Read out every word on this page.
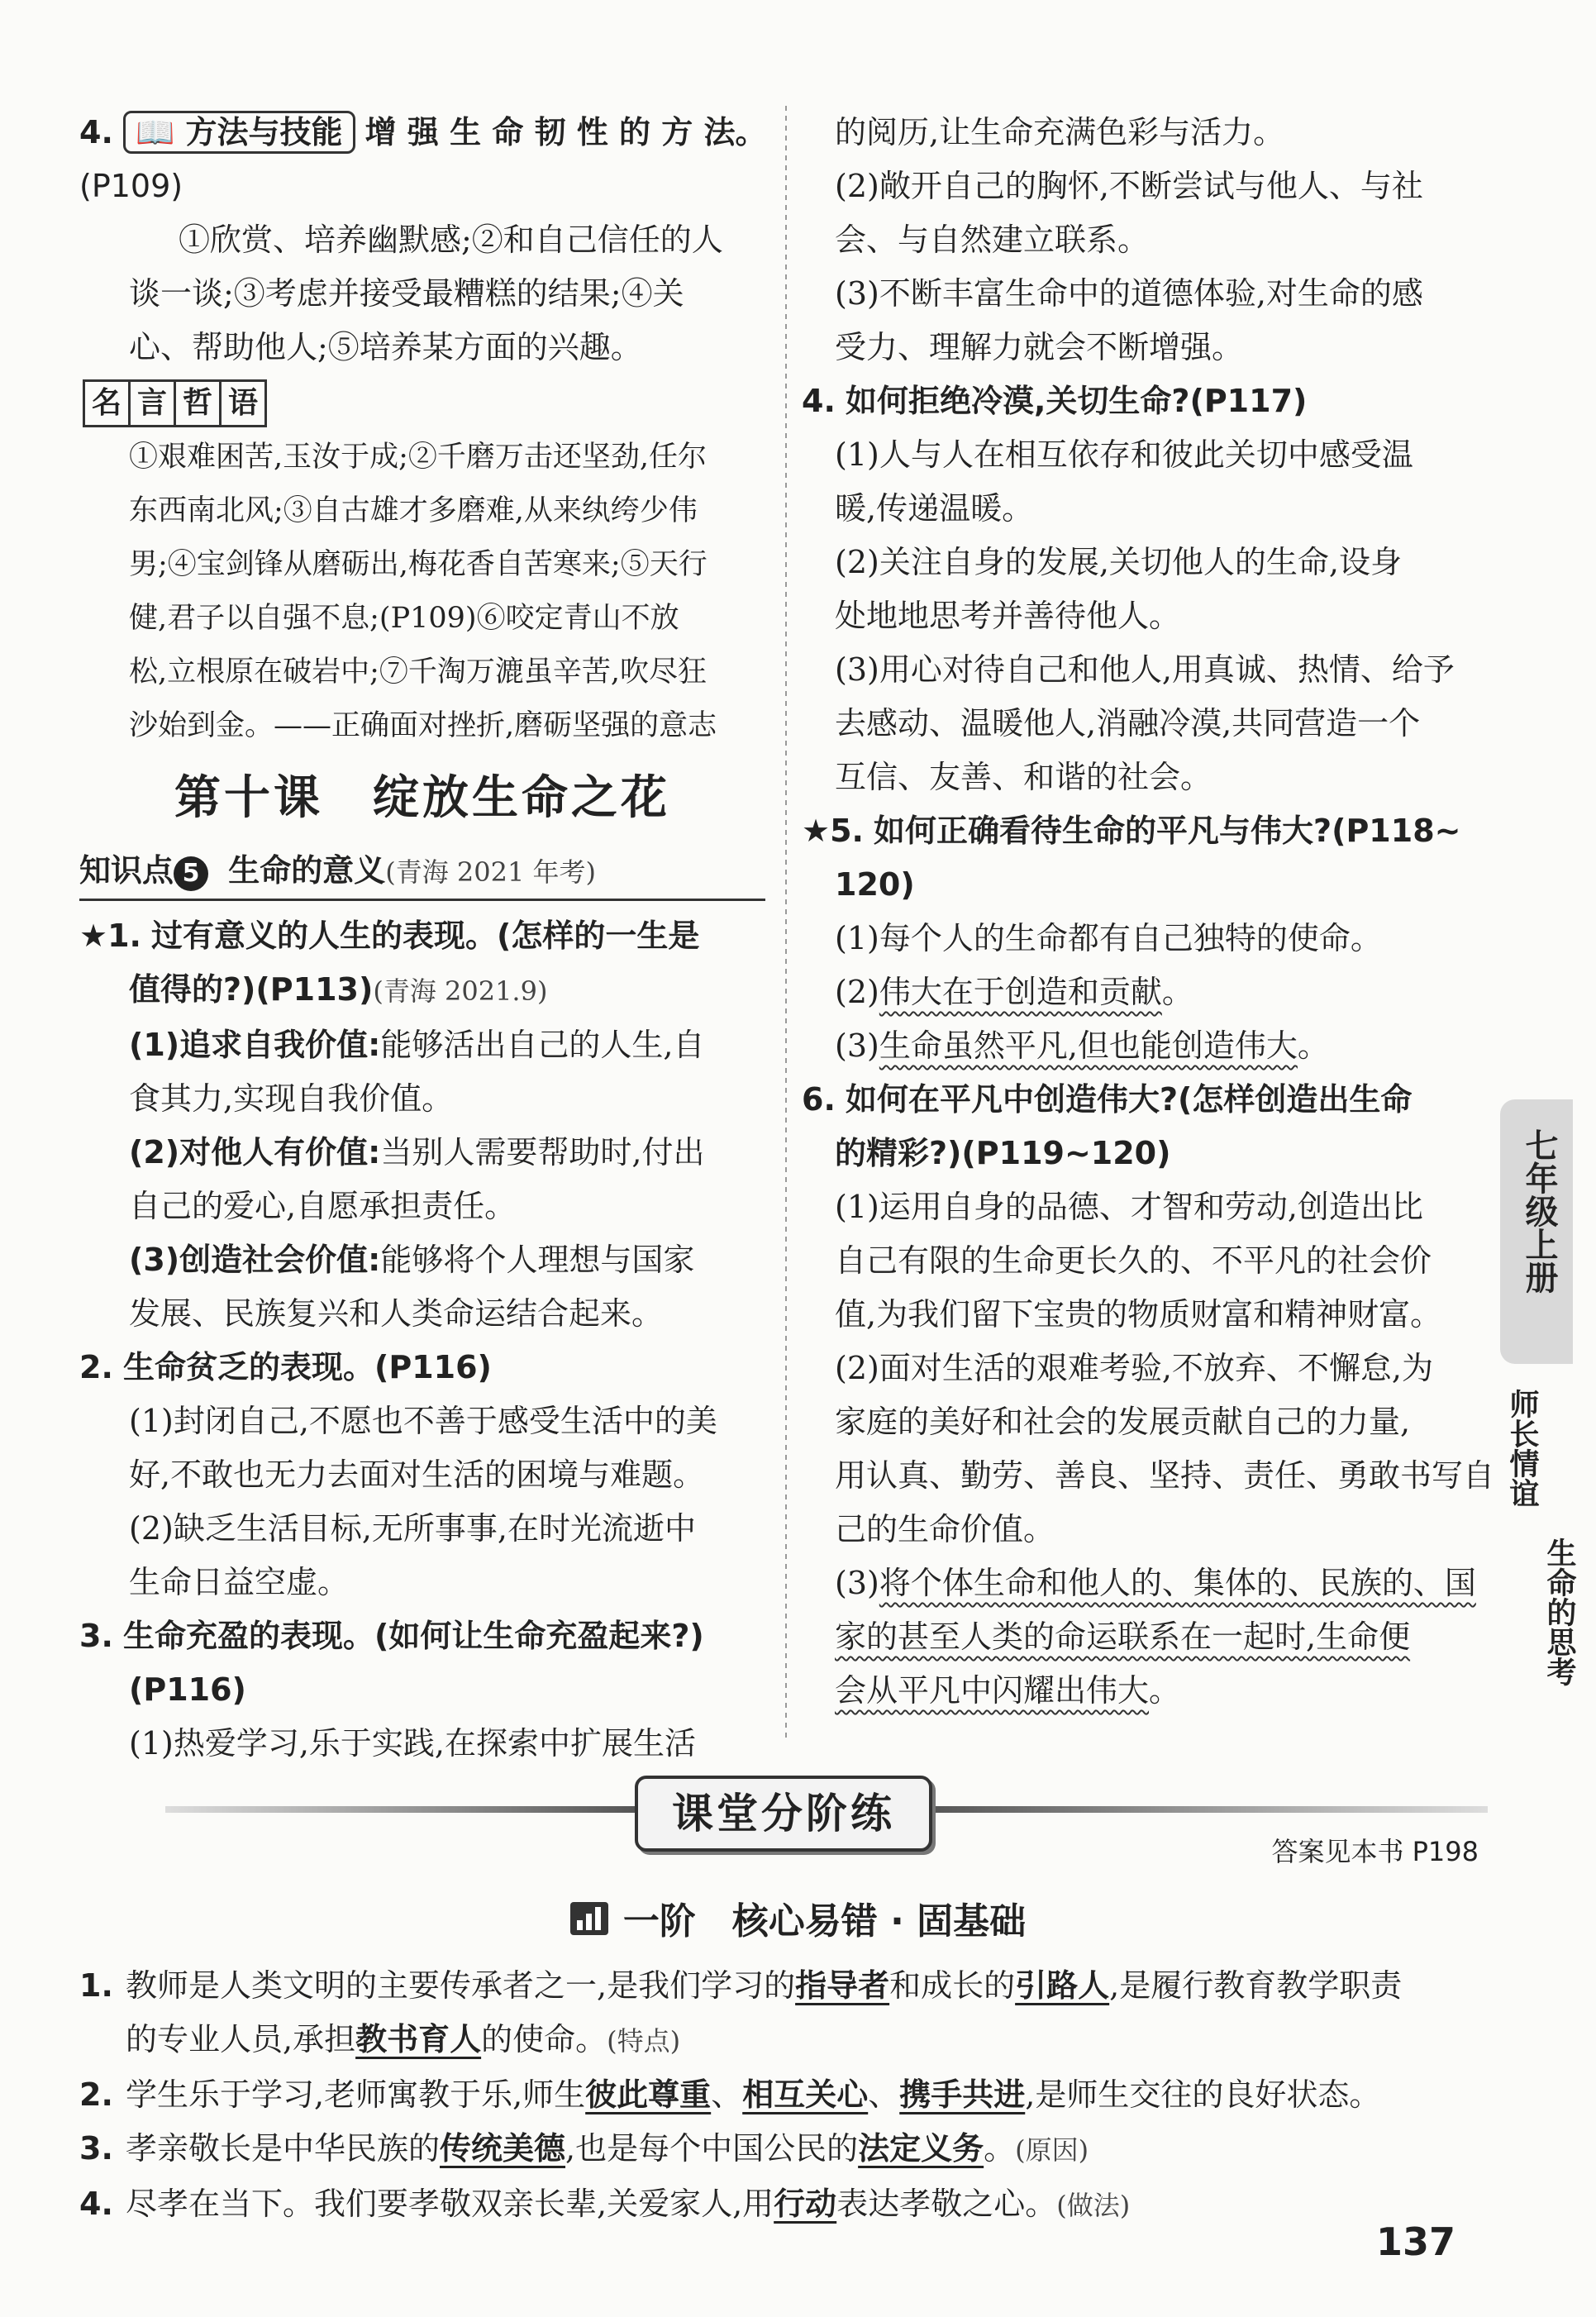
4. 📖 方法与技能 增 强 生 命 韧 性 的 方 法。

(P109)

①欣赏、培养幽默感;②和自己信任的人

谈一谈;③考虑并接受最糟糕的结果;④关

心、帮助他人;⑤培养某方面的兴趣。

名 言 哲 语

①艰难困苦,玉汝于成;②千磨万击还坚劲,任尔

东西南北风;③自古雄才多磨难,从来纨绔少伟

男;④宝剑锋从磨砺出,梅花香自苦寒来;⑤天行

健,君子以自强不息;(P109)⑥咬定青山不放

松,立根原在破岩中;⑦千淘万漉虽辛苦,吹尽狂

沙始到金。——正确面对挫折,磨砺坚强的意志

第十课　绽放生命之花
知识点 5 生命的意义(青海 2021 年考)

★1. 过有意义的人生的表现。(怎样的一生是

值得的?)(P113)(青海 2021.9)

(1)追求自我价值:能够活出自己的人生,自

食其力,实现自我价值。

(2)对他人有价值:当别人需要帮助时,付出

自己的爱心,自愿承担责任。

(3)创造社会价值:能够将个人理想与国家

发展、民族复兴和人类命运结合起来。

2. 生命贫乏的表现。(P116)

(1)封闭自己,不愿也不善于感受生活中的美

好,不敢也无力去面对生活的困境与难题。

(2)缺乏生活目标,无所事事,在时光流逝中

生命日益空虚。

3. 生命充盈的表现。(如何让生命充盈起来?)

(P116)

(1)热爱学习,乐于实践,在探索中扩展生活

的阅历,让生命充满色彩与活力。

(2)敞开自己的胸怀,不断尝试与他人、与社

会、与自然建立联系。

(3)不断丰富生命中的道德体验,对生命的感

受力、理解力就会不断增强。

4. 如何拒绝冷漠,关切生命?(P117)

(1)人与人在相互依存和彼此关切中感受温

暖,传递温暖。

(2)关注自身的发展,关切他人的生命,设身

处地地思考并善待他人。

(3)用心对待自己和他人,用真诚、热情、给予

去感动、温暖他人,消融冷漠,共同营造一个

互信、友善、和谐的社会。

★5. 如何正确看待生命的平凡与伟大?(P118~

120)

(1)每个人的生命都有自己独特的使命。

(2)伟大在于创造和贡献。

(3)生命虽然平凡,但也能创造伟大。

6. 如何在平凡中创造伟大?(怎样创造出生命

的精彩?)(P119~120)

(1)运用自身的品德、才智和劳动,创造出比

自己有限的生命更长久的、不平凡的社会价

值,为我们留下宝贵的物质财富和精神财富。

(2)面对生活的艰难考验,不放弃、不懈怠,为

家庭的美好和社会的发展贡献自己的力量,

用认真、勤劳、善良、坚持、责任、勇敢书写自

己的生命价值。

(3)将个体生命和他人的、集体的、民族的、国

家的甚至人类的命运联系在一起时,生命便

会从平凡中闪耀出伟大。

七年级上册
师长情谊
生命的思考
课堂分阶练
答案见本书 P198
一阶　核心易错 · 固基础

1. 教师是人类文明的主要传承者之一,是我们学习的指导者和成长的引路人,是履行教育教学职责

的专业人员,承担教书育人的使命。(特点)

2. 学生乐于学习,老师寓教于乐,师生彼此尊重、相互关心、携手共进,是师生交往的良好状态。

3. 孝亲敬长是中华民族的传统美德,也是每个中国公民的法定义务。(原因)

4. 尽孝在当下。我们要孝敬双亲长辈,关爱家人,用行动表达孝敬之心。(做法)

137
